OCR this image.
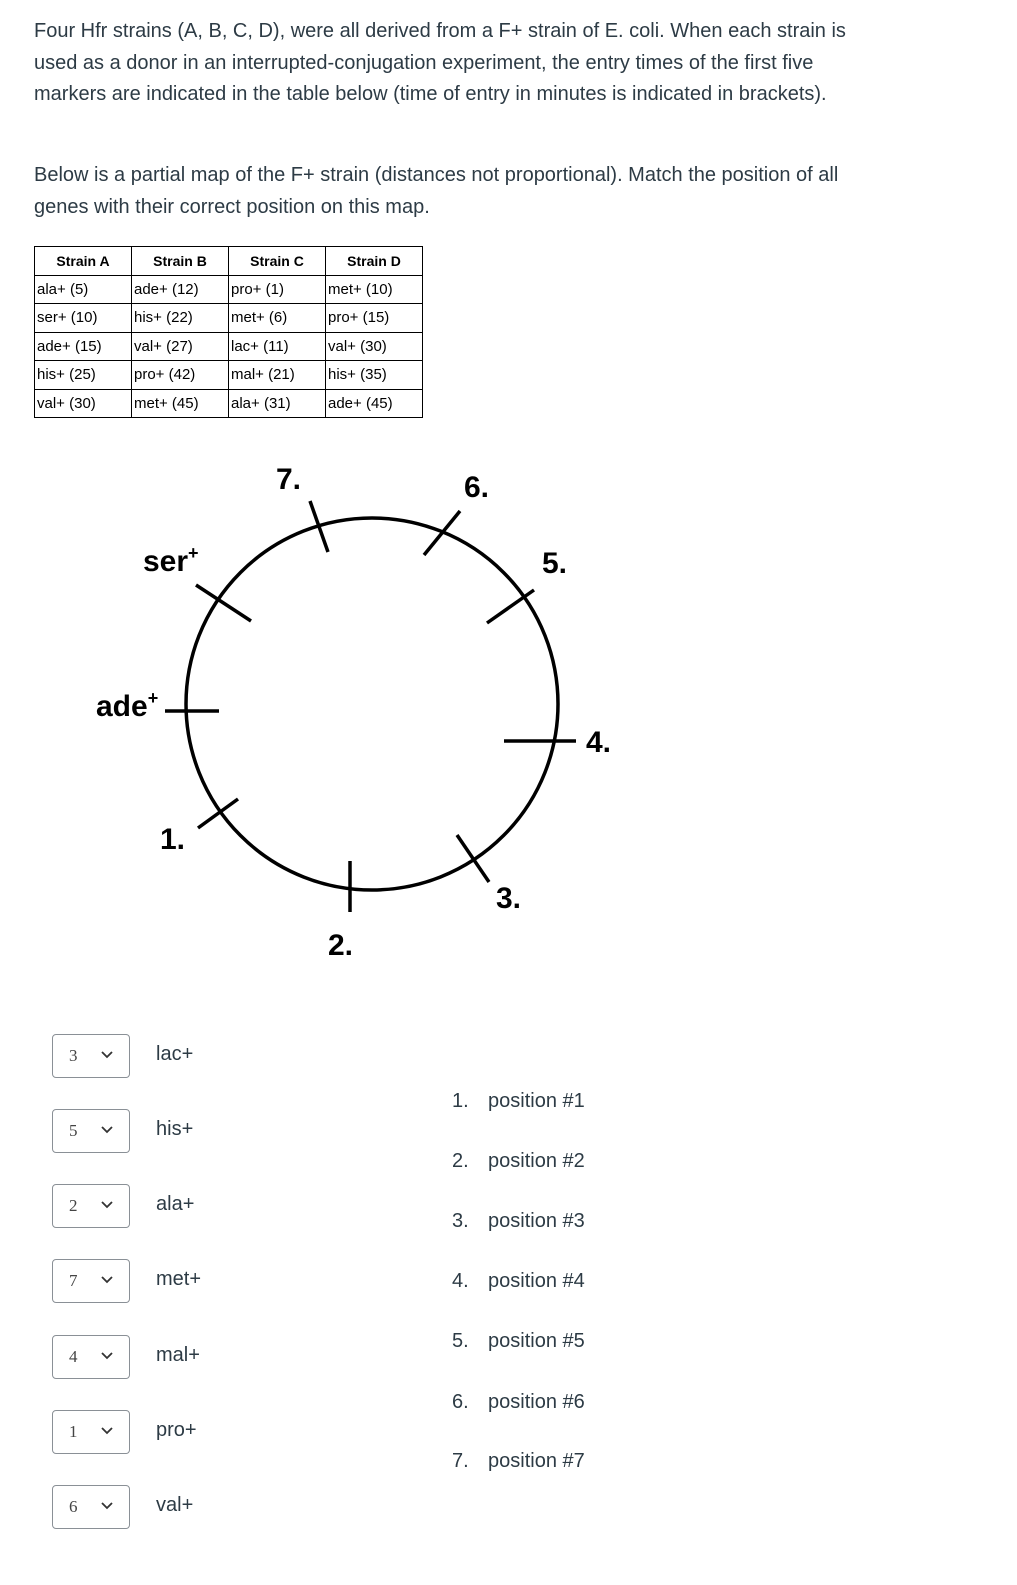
Four Hfr strains (A, B, C, D), were all derived from a F+ strain of E. coli. When each strain is used as a donor in an interrupted-conjugation experiment, the entry times of the first five markers are indicated in the table below (time of entry in minutes is indicated in brackets).

Below is a partial map of the F+ strain (distances not proportional). Match the position of all genes with their correct position on this map.

Strain A	Strain B	Strain C	Strain D
ala+ (5)	ade+ (12)	pro+ (1)	met+ (10)
ser+ (10)	his+ (22)	met+ (6)	pro+ (15)
ade+ (15)	val+ (27)	lac+ (11)	val+ (30)
his+ (25)	pro+ (42)	mal+ (21)	his+ (35)
val+ (30)	met+ (45)	ala+ (31)	ade+ (45)
ser+
ade+
1.
2.
3.
4.
5.
6.
7.
3	lac+
5	his+
2	ala+
7	met+
4	mal+
1	pro+
6	val+
1. position #1
2. position #2
3. position #3
4. position #4
5. position #5
6. position #6
7. position #7
